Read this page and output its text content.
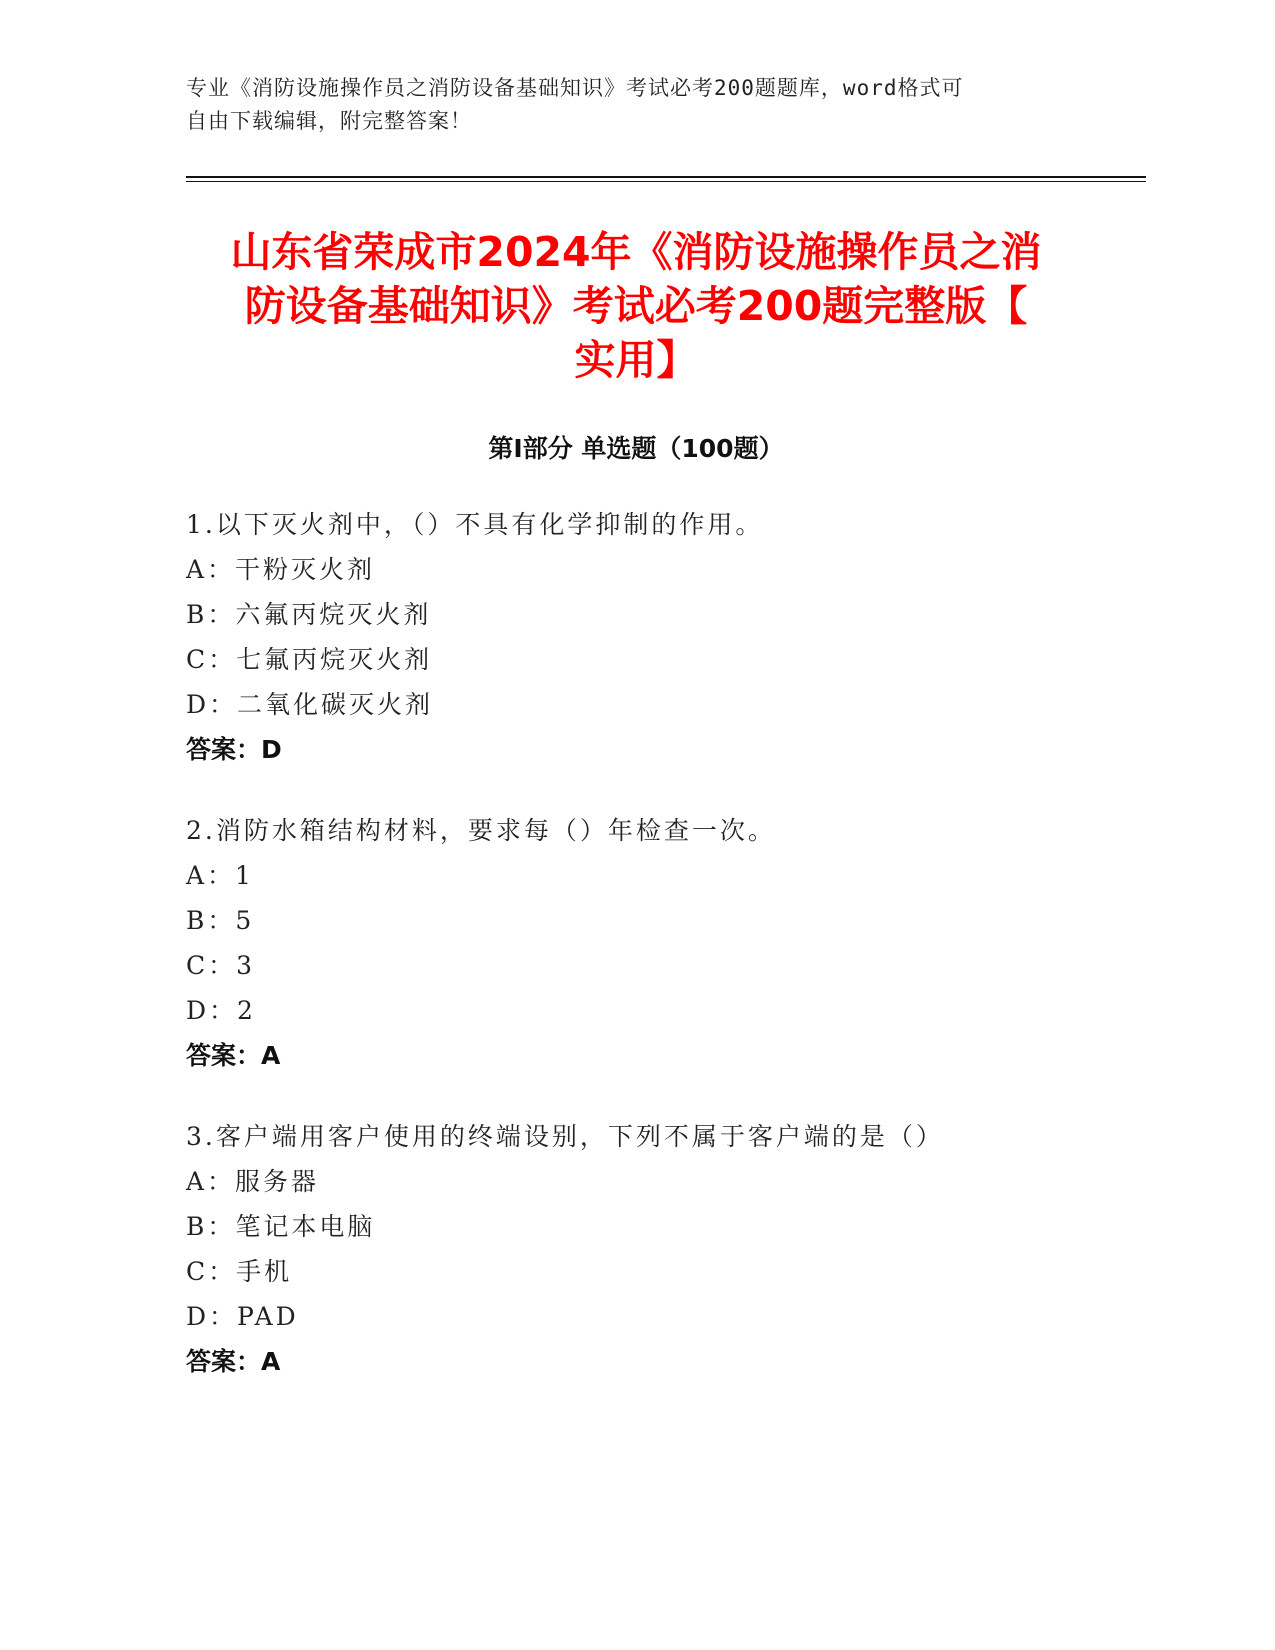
专业《消防设施操作员之消防设备基础知识》考试必考200题题库，word格式可
自由下载编辑，附完整答案！
山东省荣成市2024年《消防设施操作员之消
防设备基础知识》考试必考200题完整版【
实用】
第Ⅰ部分 单选题（100题）
1.以下灭火剂中，（）不具有化学抑制的作用。
A：干粉灭火剂
B：六氟丙烷灭火剂
C：七氟丙烷灭火剂
D：二氧化碳灭火剂
答案：D
2.消防水箱结构材料，要求每（）年检查一次。
A：1
B：5
C：3
D：2
答案：A
3.客户端用客户使用的终端设别，下列不属于客户端的是（）
A：服务器
B：笔记本电脑
C：手机
D：PAD
答案：A
